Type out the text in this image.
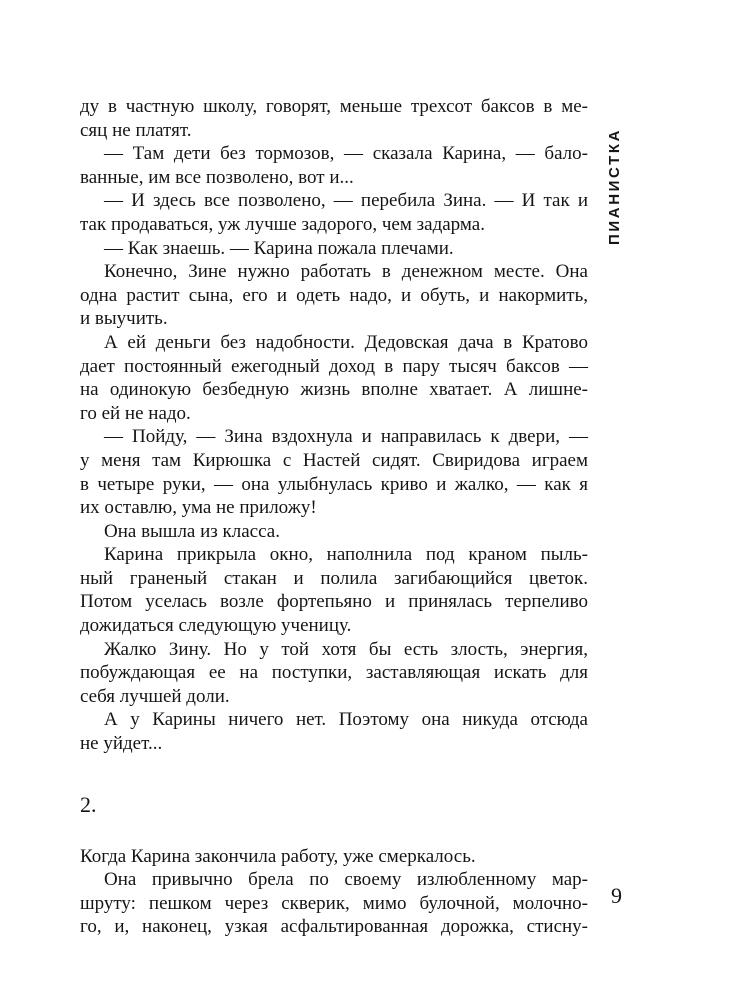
ПИАНИСТКА
ду в частную школу, говорят, меньше трехсот баксов в ме-
сяц не платят.
— Там дети без тормозов, — сказала Карина, — бало-
ванные, им все позволено, вот и...
— И здесь все позволено, — перебила Зина. — И так и
так продаваться, уж лучше задорого, чем задарма.
— Как знаешь. — Карина пожала плечами.
Конечно, Зине нужно работать в денежном месте. Она
одна растит сына, его и одеть надо, и обуть, и накормить,
и выучить.
А ей деньги без надобности. Дедовская дача в Кратово
дает постоянный ежегодный доход в пару тысяч баксов —
на одинокую безбедную жизнь вполне хватает. А лишне-
го ей не надо.
— Пойду, — Зина вздохнула и направилась к двери, —
у меня там Кирюшка с Настей сидят. Свиридова играем
в четыре руки, — она улыбнулась криво и жалко, — как я
их оставлю, ума не приложу!
Она вышла из класса.
Карина прикрыла окно, наполнила под краном пыль-
ный граненый стакан и полила загибающийся цветок.
Потом уселась возле фортепьяно и принялась терпеливо
дожидаться следующую ученицу.
Жалко Зину. Но у той хотя бы есть злость, энергия,
побуждающая ее на поступки, заставляющая искать для
себя лучшей доли.
А у Карины ничего нет. Поэтому она никуда отсюда
не уйдет...
2.
Когда Карина закончила работу, уже смеркалось.
Она привычно брела по своему излюбленному мар-
шруту: пешком через скверик, мимо булочной, молочно-
го, и, наконец, узкая асфальтированная дорожка, стисну-
9
